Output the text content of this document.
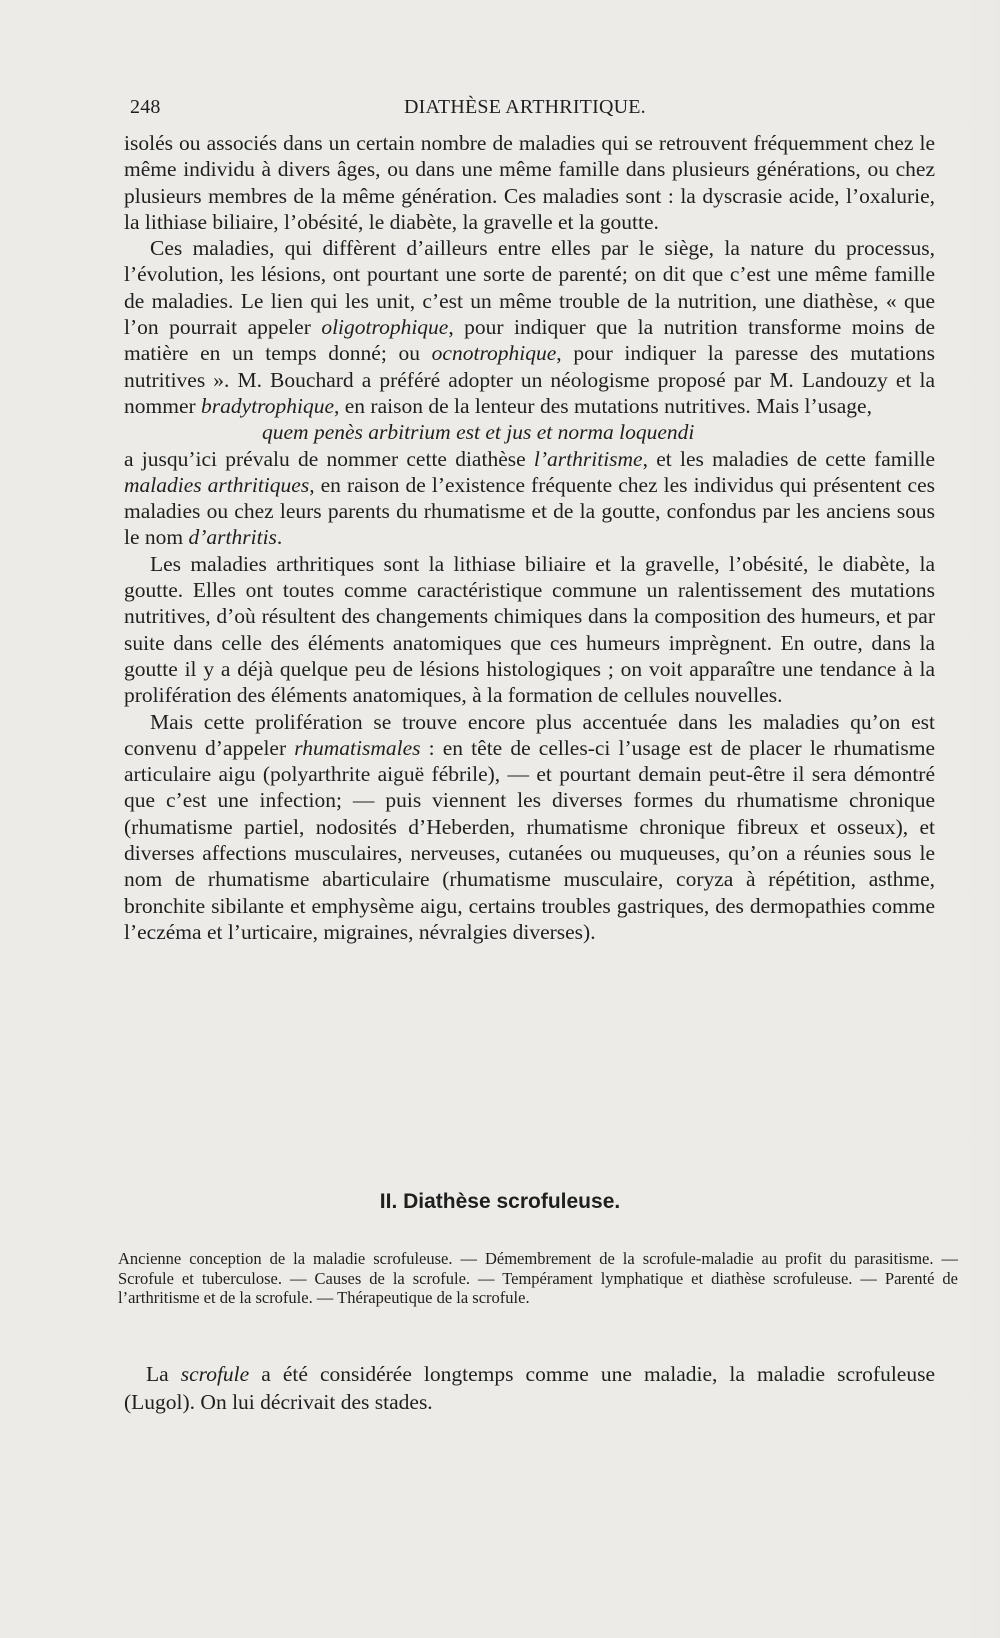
248	DIATHÈSE ARTHRITIQUE.

isolés ou associés dans un certain nombre de maladies qui se retrouvent fréquemment chez le même individu à divers âges, ou dans une même famille dans plusieurs générations, ou chez plusieurs membres de la même génération. Ces maladies sont : la dyscrasie acide, l’oxalurie, la lithiase biliaire, l’obésité, le diabète, la gravelle et la goutte.

Ces maladies, qui diffèrent d’ailleurs entre elles par le siège, la nature du processus, l’évolution, les lésions, ont pourtant une sorte de parenté; on dit que c’est une même famille de maladies. Le lien qui les unit, c’est un même trouble de la nutrition, une diathèse, « que l’on pourrait appeler oligotrophique, pour indiquer que la nutrition transforme moins de matière en un temps donné; ou ocnotrophique, pour indiquer la paresse des mutations nutritives ». M. Bouchard a préféré adopter un néologisme proposé par M. Landouzy et la nommer bradytrophique, en raison de la lenteur des mutations nutritives. Mais l’usage,

quem penès arbitrium est et jus et norma loquendi

a jusqu’ici prévalu de nommer cette diathèse l’arthritisme, et les maladies de cette famille maladies arthritiques, en raison de l’existence fréquente chez les individus qui présentent ces maladies ou chez leurs parents du rhumatisme et de la goutte, confondus par les anciens sous le nom d’arthritis.

Les maladies arthritiques sont la lithiase biliaire et la gravelle, l’obésité, le diabète, la goutte. Elles ont toutes comme caractéristique commune un ralentissement des mutations nutritives, d’où résultent des changements chimiques dans la composition des humeurs, et par suite dans celle des éléments anatomiques que ces humeurs imprègnent. En outre, dans la goutte il y a déjà quelque peu de lésions histologiques ; on voit apparaître une tendance à la prolifération des éléments anatomiques, à la formation de cellules nouvelles.

Mais cette prolifération se trouve encore plus accentuée dans les maladies qu’on est convenu d’appeler rhumatismales : en tête de celles-ci l’usage est de placer le rhumatisme articulaire aigu (polyarthrite aiguë fébrile), — et pourtant demain peut-être il sera démontré que c’est une infection; — puis viennent les diverses formes du rhumatisme chronique (rhumatisme partiel, nodosités d’Heberden, rhumatisme chronique fibreux et osseux), et diverses affections musculaires, nerveuses, cutanées ou muqueuses, qu’on a réunies sous le nom de rhumatisme abarticulaire (rhumatisme musculaire, coryza à répétition, asthme, bronchite sibilante et emphysème aigu, certains troubles gastriques, des dermopathies comme l’eczéma et l’urticaire, migraines, névralgies diverses).

II. Diathèse scrofuleuse.
Ancienne conception de la maladie scrofuleuse. — Démembrement de la scrofule-maladie au profit du parasitisme. — Scrofule et tuberculose. — Causes de la scrofule. — Tempérament lymphatique et diathèse scrofuleuse. — Parenté de l’arthritisme et de la scrofule. — Thérapeutique de la scrofule.
La scrofule a été considérée longtemps comme une maladie, la maladie scrofuleuse (Lugol). On lui décrivait des stades.
